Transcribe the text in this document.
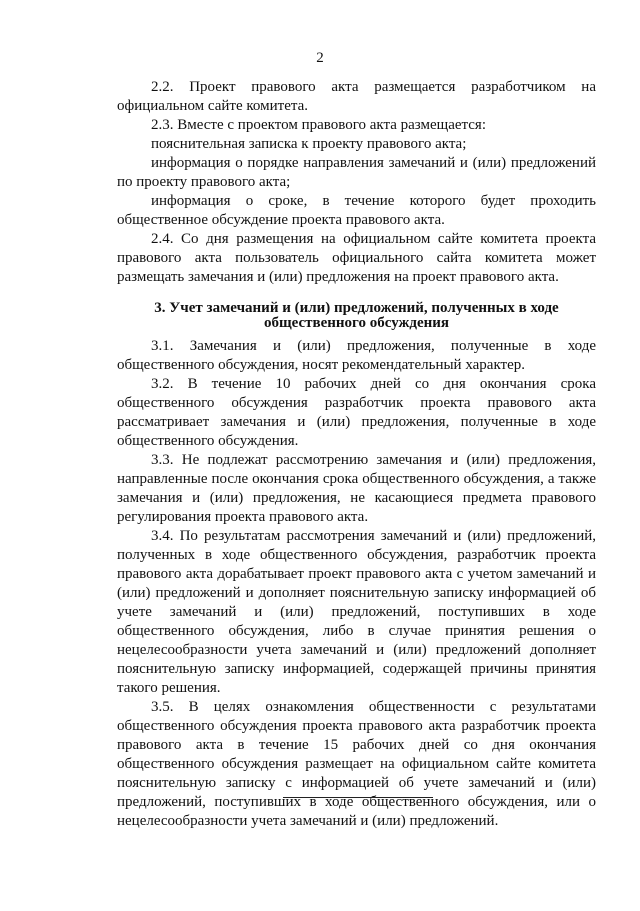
2

2.2. Проект правового акта размещается разработчиком на официальном сайте комитета.

2.3. Вместе с проектом правового акта размещается:

пояснительная записка к проекту правового акта;

информация о порядке направления замечаний и (или) предложений по проекту правового акта;

информация о сроке, в течение которого будет проходить общественное обсуждение проекта правового акта.

2.4. Со дня размещения на официальном сайте комитета проекта правового акта пользователь официального сайта комитета может размещать замечания и (или) предложения на проект правового акта.

3. Учет замечаний и (или) предложений, полученных в ходе общественного обсуждения

3.1. Замечания и (или) предложения, полученные в ходе общественного обсуждения, носят рекомендательный характер.

3.2. В течение 10 рабочих дней со дня окончания срока общественного обсуждения разработчик проекта правового акта рассматривает замечания и (или) предложения, полученные в ходе общественного обсуждения.

3.3. Не подлежат рассмотрению замечания и (или) предложения, направленные после окончания срока общественного обсуждения, а также замечания и (или) предложения, не касающиеся предмета правового регулирования проекта правового акта.

3.4. По результатам рассмотрения замечаний и (или) предложений, полученных в ходе общественного обсуждения, разработчик проекта правового акта дорабатывает проект правового акта с учетом замечаний и (или) предложений и дополняет пояснительную записку информацией об учете замечаний и (или) предложений, поступивших в ходе общественного обсуждения, либо в случае принятия решения о нецелесообразности учета замечаний и (или) предложений дополняет пояснительную записку информацией, содержащей причины принятия такого решения.

3.5. В целях ознакомления общественности с результатами общественного обсуждения проекта правового акта разработчик проекта правового акта в течение 15 рабочих дней со дня окончания общественного обсуждения размещает на официальном сайте комитета пояснительную записку с информацией об учете замечаний и (или) предложений, поступивших в ходе общественного обсуждения, или о нецелесообразности учета замечаний и (или) предложений.
